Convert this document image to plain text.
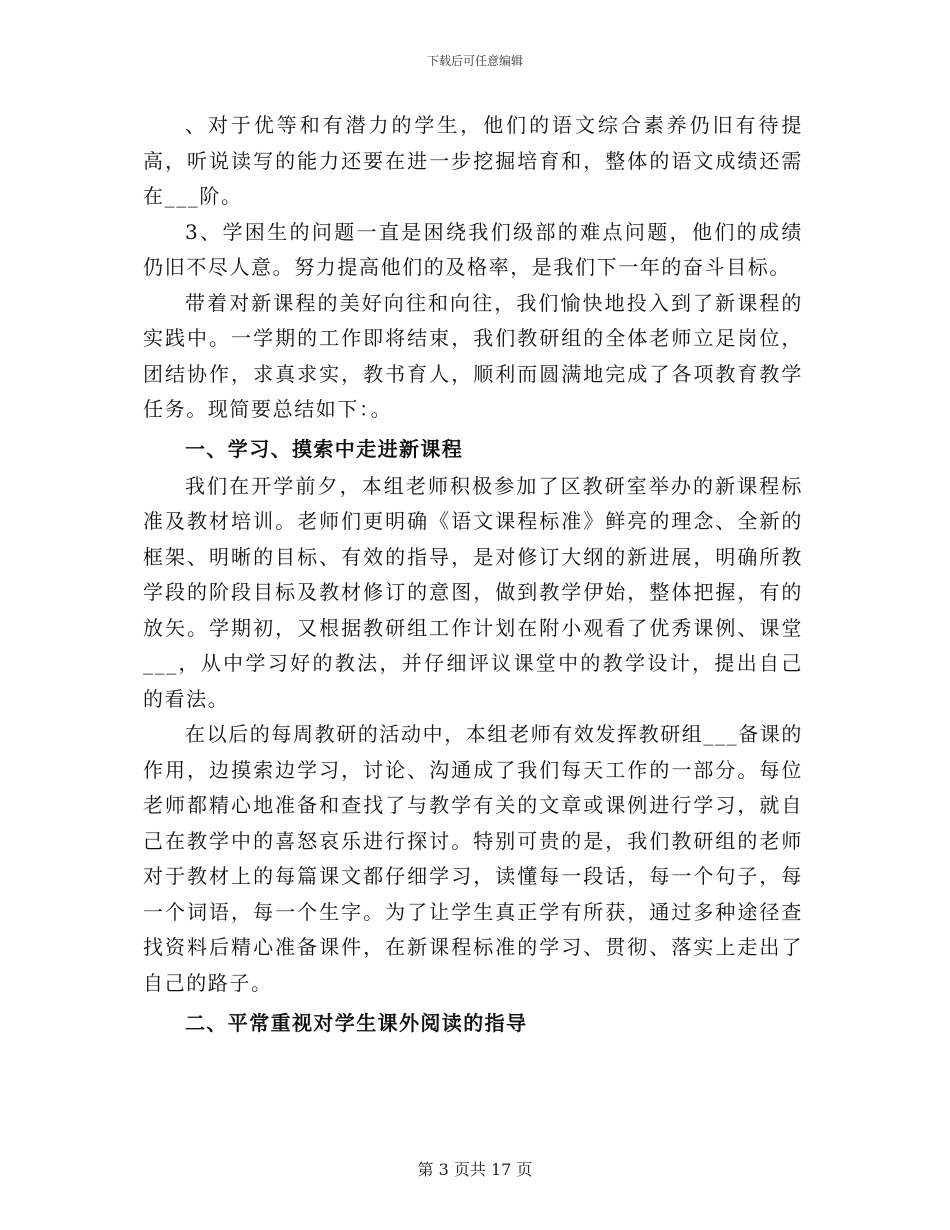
下载后可任意编辑

、对于优等和有潜力的学生，他们的语文综合素养仍旧有待提高，听说读写的能力还要在进一步挖掘培育和，整体的语文成绩还需在___阶。

3、学困生的问题一直是困绕我们级部的难点问题，他们的成绩仍旧不尽人意。努力提高他们的及格率，是我们下一年的奋斗目标。

带着对新课程的美好向往和向往，我们愉快地投入到了新课程的实践中。一学期的工作即将结束，我们教研组的全体老师立足岗位，团结协作，求真求实，教书育人，顺利而圆满地完成了各项教育教学任务。现简要总结如下：。

一、学习、摸索中走进新课程

我们在开学前夕，本组老师积极参加了区教研室举办的新课程标准及教材培训。老师们更明确《语文课程标准》鲜亮的理念、全新的框架、明晰的目标、有效的指导，是对修订大纲的新进展，明确所教学段的阶段目标及教材修订的意图，做到教学伊始，整体把握，有的放矢。学期初，又根据教研组工作计划在附小观看了优秀课例、课堂___，从中学习好的教法，并仔细评议课堂中的教学设计，提出自己的看法。

在以后的每周教研的活动中，本组老师有效发挥教研组___备课的作用，边摸索边学习，讨论、沟通成了我们每天工作的一部分。每位老师都精心地准备和查找了与教学有关的文章或课例进行学习，就自己在教学中的喜怒哀乐进行探讨。特别可贵的是，我们教研组的老师对于教材上的每篇课文都仔细学习，读懂每一段话，每一个句子，每一个词语，每一个生字。为了让学生真正学有所获，通过多种途径查找资料后精心准备课件，在新课程标准的学习、贯彻、落实上走出了自己的路子。

二、平常重视对学生课外阅读的指导
第 3 页共 17 页
